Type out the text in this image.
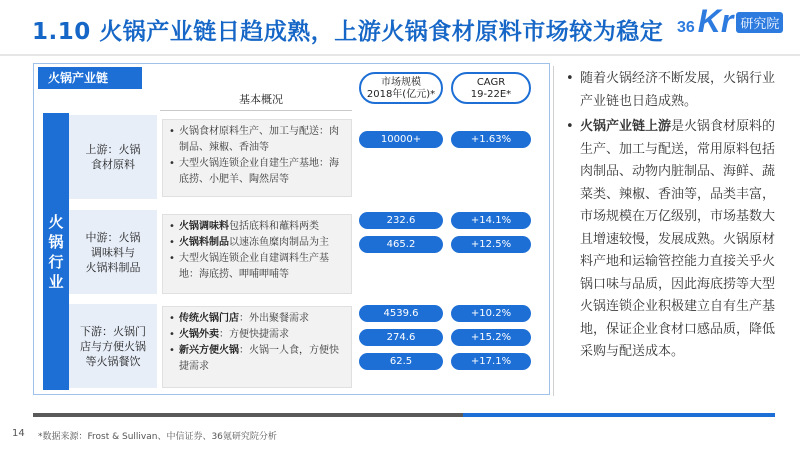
1.10 火锅产业链日趋成熟，上游火锅食材原料市场较为稳定 36 Kr 研究院
火锅产业链
基本概况
市场规模
2018年(亿元)*
CAGR
19-22E*
火
锅
行
业
上游：火锅
食材原料
• 火锅食材原料生产、加工与配送：肉制品、辣椒、香油等
• 大型火锅连锁企业自建生产基地：海底捞、小肥羊、陶然居等
10000+	+1.63%
中游：火锅
调味料与
火锅料制品
• 火锅调味料包括底料和蘸料两类
• 火锅料制品以速冻鱼糜肉制品为主
• 大型火锅连锁企业自建调料生产基地：海底捞、呷哺呷哺等
232.6	+14.1%
465.2	+12.5%
下游：火锅门
店与方便火锅
等火锅餐饮
• 传统火锅门店：外出聚餐需求
• 火锅外卖：方便快捷需求
• 新兴方便火锅：火锅一人食，方便快捷需求
4539.6	+10.2%
274.6	+15.2%
62.5	+17.1%
• 随着火锅经济不断发展，火锅行业产业链也日趋成熟。
• 火锅产业链上游是火锅食材原料的生产、加工与配送，常用原料包括肉制品、动物内脏制品、海鲜、蔬菜类、辣椒、香油等，品类丰富，市场规模在万亿级别，市场基数大且增速较慢，发展成熟。火锅原材料产地和运输管控能力直接关乎火锅口味与品质，因此海底捞等大型火锅连锁企业积极建立自有生产基地，保证企业食材口感品质，降低采购与配送成本。
14 *数据来源：Frost & Sullivan、中信证券、36氪研究院分析
